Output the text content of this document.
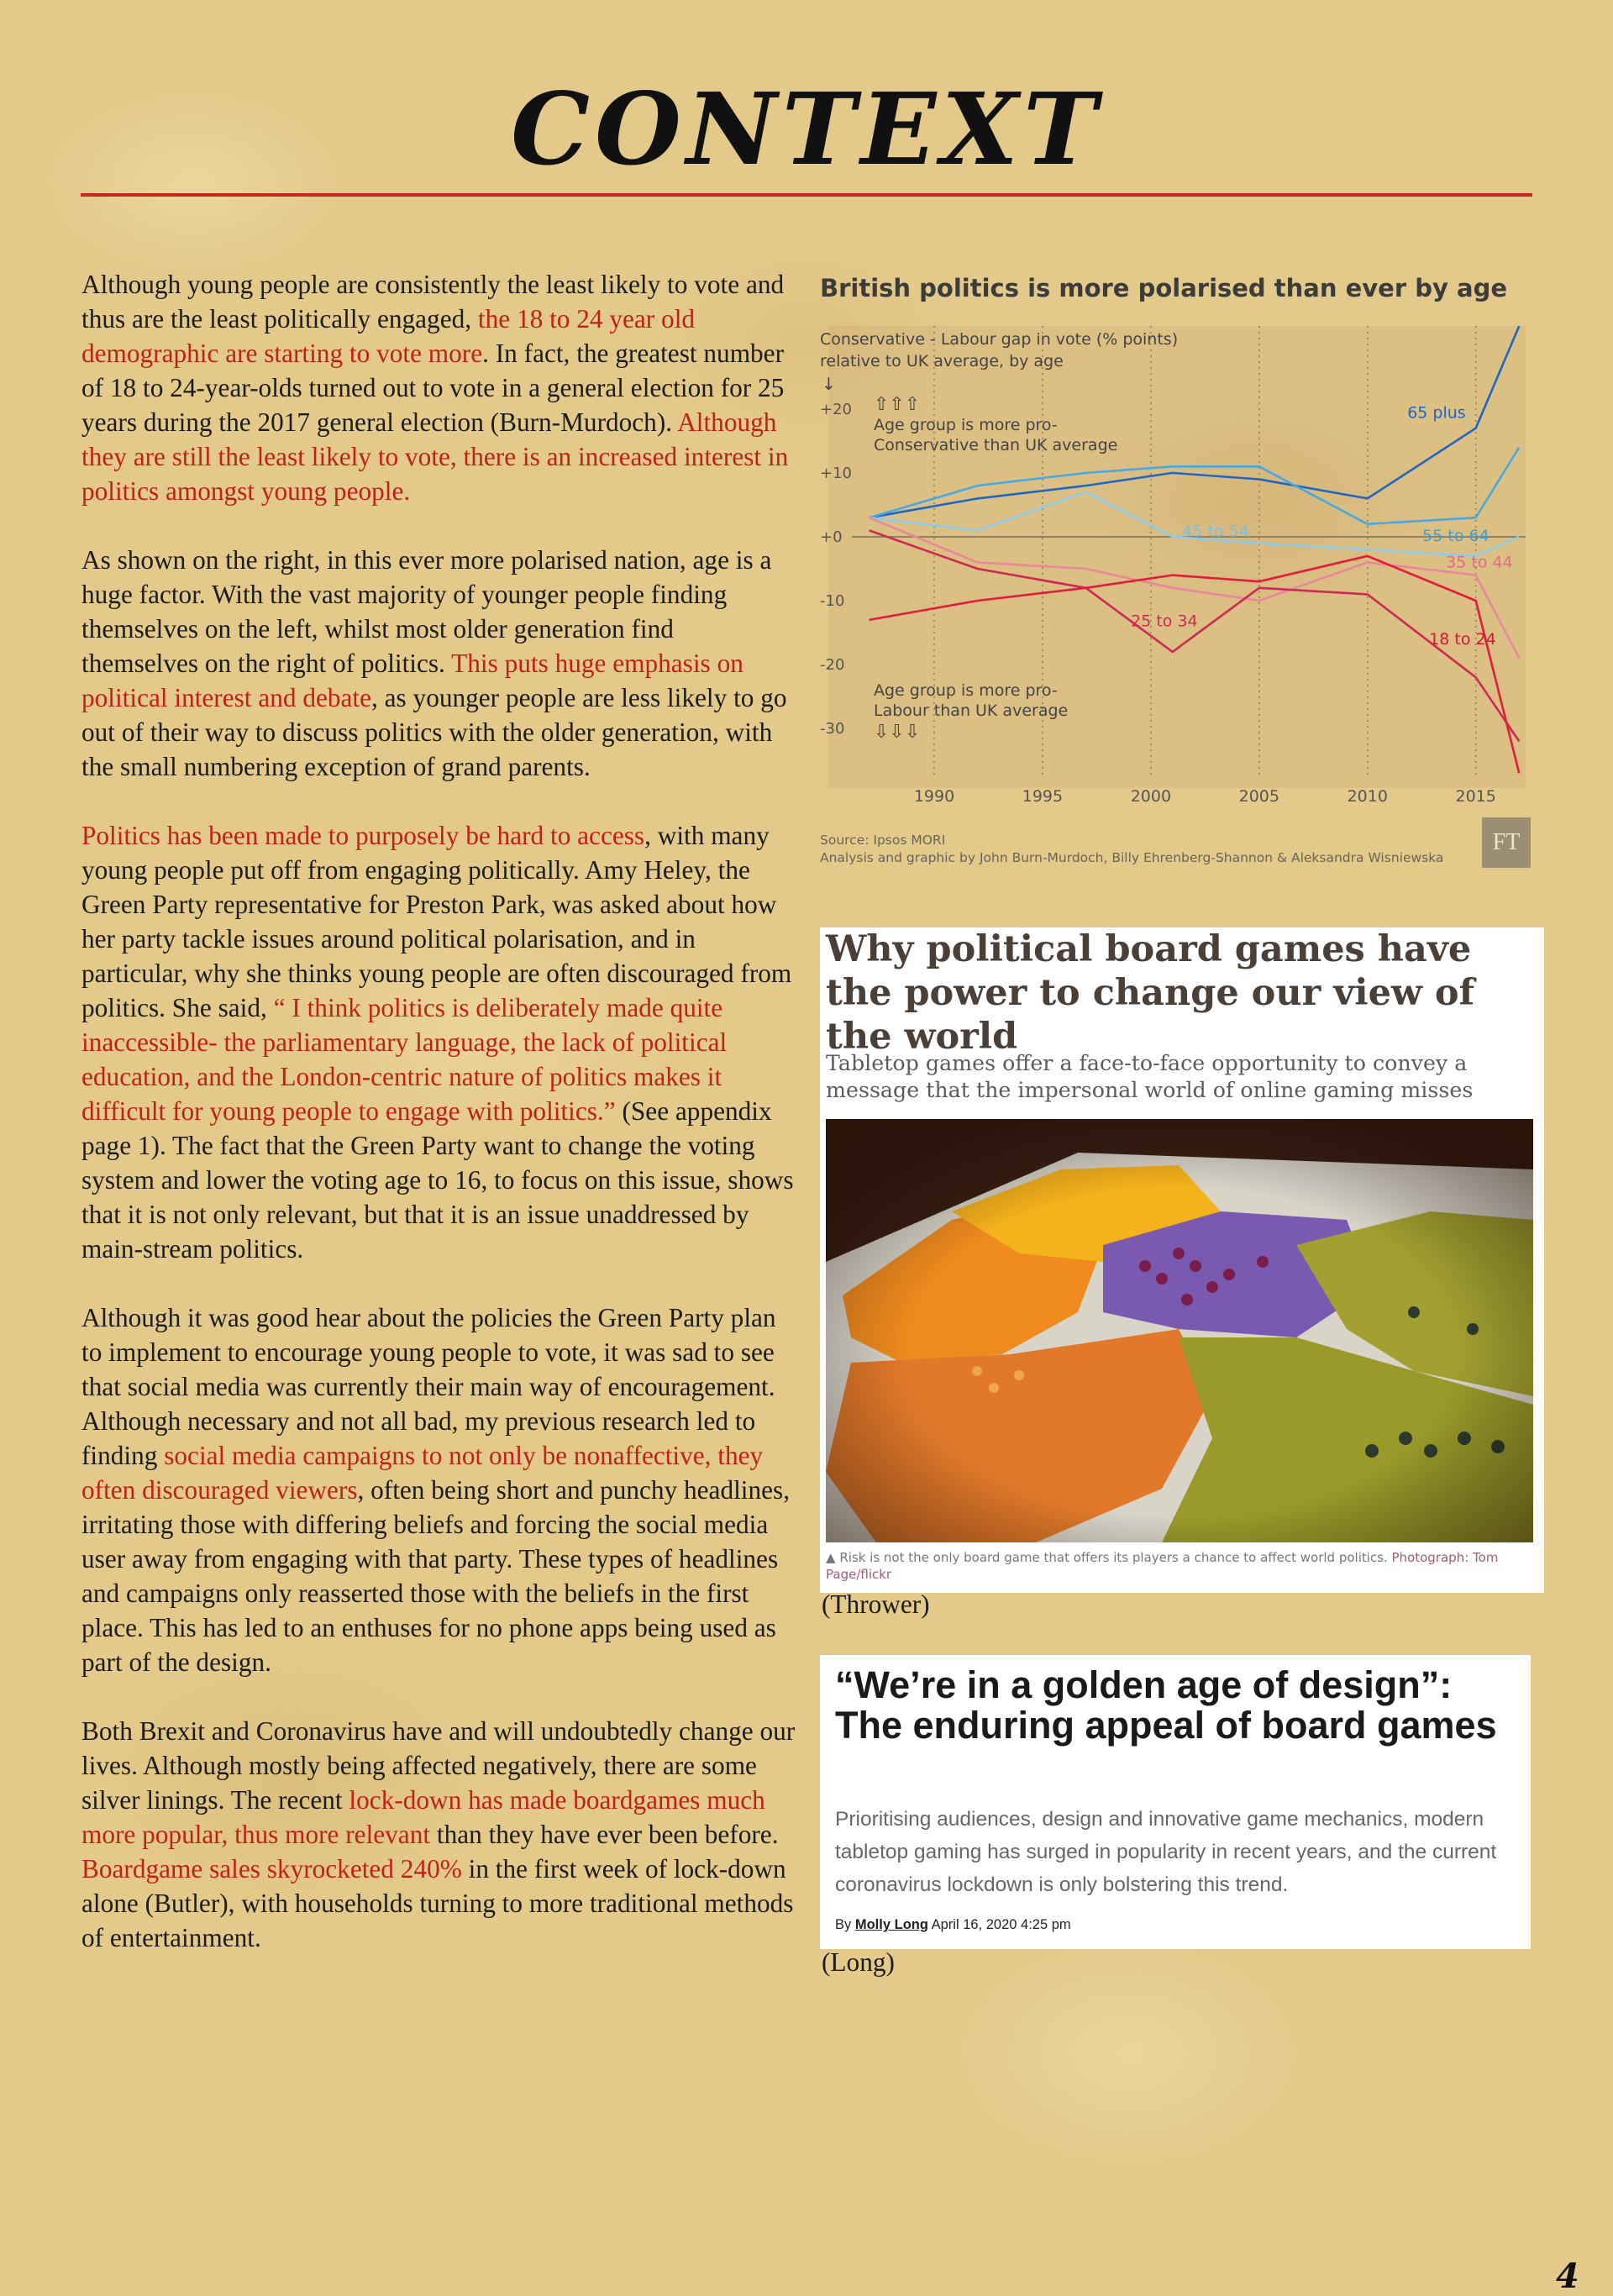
CONTEXT

Although young people are consistently the least likely to vote and thus are the least politically engaged, the 18 to 24 year old demographic are starting to vote more. In fact, the greatest number of 18 to 24-year-olds turned out to vote in a general election for 25 years during the 2017 general election (Burn-Murdoch). Although they are still the least likely to vote, there is an increased interest in politics amongst young people.

As shown on the right, in this ever more polarised nation, age is a huge factor. With the vast majority of younger people finding themselves on the left, whilst most older generation find themselves on the right of politics. This puts huge emphasis on political interest and debate, as younger people are less likely to go out of their way to discuss politics with the older generation, with the small numbering exception of grand parents.

Politics has been made to purposely be hard to access, with many young people put off from engaging politically. Amy Heley, the Green Party representative for Preston Park, was asked about how her party tackle issues around political polarisation, and in particular, why she thinks young people are often discouraged from politics. She said, “ I think politics is deliberately made quite inaccessible- the parliamentary language, the lack of political education, and the London-centric nature of politics makes it difficult for young people to engage with politics.” (See appendix page 1). The fact that the Green Party want to change the voting system and lower the voting age to 16, to focus on this issue, shows that it is not only relevant, but that it is an issue unaddressed by main-stream politics.

Although it was good hear about the policies the Green Party plan to implement to encourage young people to vote, it was sad to see that social media was currently their main way of encouragement. Although necessary and not all bad, my previous research led to finding social media campaigns to not only be nonaffective, they often discouraged viewers, often being short and punchy headlines, irritating those with differing beliefs and forcing the social media user away from engaging with that party. These types of headlines and campaigns only reasserted those with the beliefs in the first place. This has led to an enthuses for no phone apps being used as part of the design.

Both Brexit and Coronavirus have and will undoubtedly change our lives. Although mostly being affected negatively, there are some silver linings. The recent lock-down has made boardgames much more popular, thus more relevant than they have ever been before. Boardgame sales skyrocketed 240% in the first week of lock-down alone (Butler), with households turning to more traditional methods of entertainment.

British politics is more polarised than ever by age
+20
+10
+0
-10
-20
-30
1990	1995	2000	2005	2010	2015
Conservative - Labour gap in vote (% points)
relative to UK average, by age
↓
⇧⇧⇧
Age group is more pro-
Conservative than UK average
Age group is more pro-
Labour than UK average
⇩⇩⇩
65 plus
55 to 64
45 to 54
35 to 44
25 to 34
18 to 24
Source: Ipsos MORI
Analysis and graphic by John Burn-Murdoch, Billy Ehrenberg-Shannon & Aleksandra Wisniewska
FT
Why political board games have the power to change our view of the world
Tabletop games offer a face-to-face opportunity to convey a message that the impersonal world of online gaming misses
▲ Risk is not the only board game that offers its players a chance to affect world politics. Photograph: Tom Page/flickr
(Thrower)
“We’re in a golden age of design”: The enduring appeal of board games
Prioritising audiences, design and innovative game mechanics, modern tabletop gaming has surged in popularity in recent years, and the current coronavirus lockdown is only bolstering this trend.
By Molly Long April 16, 2020 4:25 pm
(Long)
4
